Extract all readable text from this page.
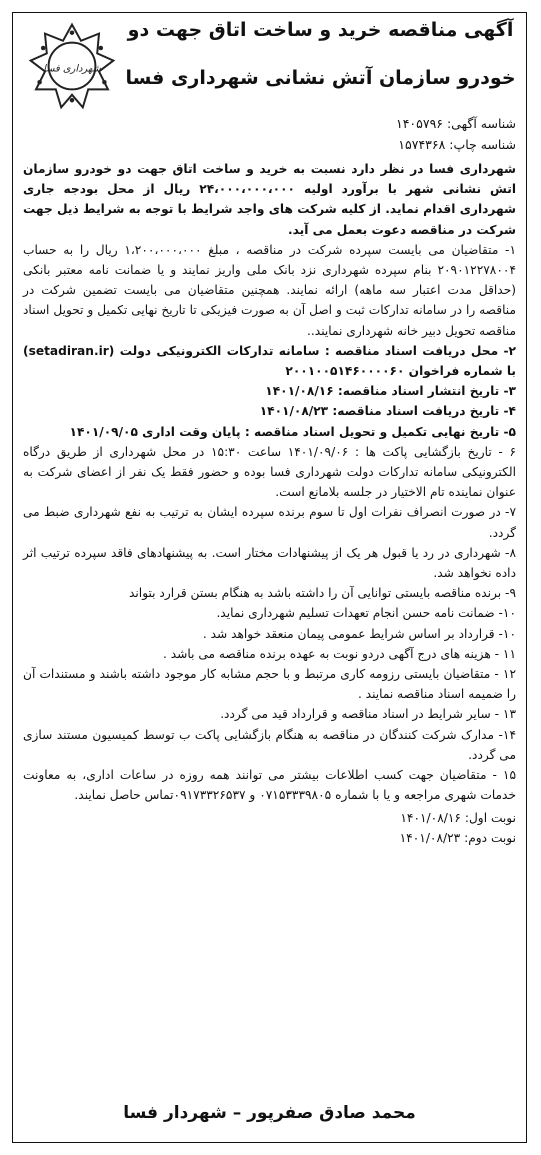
شهرداری فسا
آگهی مناقصه خرید و ساخت اتاق جهت دو
خودرو سازمان آتش نشانی شهرداری فسا
شناسه آگهی: ۱۴۰۵۷۹۶
شناسه چاپ: ۱۵۷۴۳۶۸

شهرداری فسا در نظر دارد نسبت به خرید و ساخت اتاق جهت دو خودرو سازمان اتش نشانی شهر با برآورد اولیه ۲۴،۰۰۰،۰۰۰،۰۰۰ ریال از محل بودجه جاری شهرداری اقدام نماید. از کلیه شرکت های واجد شرایط با توجه به شرایط ذیل جهت شرکت در مناقصه دعوت بعمل می آید.

۱- متقاضیان می بایست سپرده شرکت در مناقصه ، مبلغ ۱،۲۰۰،۰۰۰،۰۰۰ ریال را به حساب ۲۰۹۰۱۲۲۷۸۰۰۴ بنام سپرده شهرداری نزد بانک ملی واریز نمایند و یا ضمانت نامه معتبر بانکی (حداقل مدت اعتبار سه ماهه) ارائه نمایند. همچنین متقاضیان می بایست تضمین شرکت در مناقصه را در سامانه تدارکات ثبت و اصل آن به صورت فیزیکی تا تاریخ نهایی تکمیل و تحویل اسناد مناقصه تحویل دبیر خانه شهرداری نمایند..

۲- محل دریافت اسناد مناقصه : سامانه تدارکات الکترونیکی دولت (setadiran.ir) با شماره فراخوان ۲۰۰۱۰۰۵۱۴۶۰۰۰۰۶۰

۳- تاریخ انتشار اسناد مناقصه: ۱۴۰۱/۰۸/۱۶

۴- تاریخ دریافت اسناد مناقصه: ۱۴۰۱/۰۸/۲۳

۵- تاریخ نهایی تکمیل و تحویل اسناد مناقصه : پایان وقت اداری ۱۴۰۱/۰۹/۰۵

۶ - تاریخ بازگشایی پاکت ها : ۱۴۰۱/۰۹/۰۶ ساعت ۱۵:۳۰ در محل شهرداری از طریق درگاه الکترونیکی سامانه تدارکات دولت شهرداری فسا بوده و حضور فقط یک نفر از اعضای شرکت به عنوان نماینده تام الاختیار در جلسه بلامانع است.

۷- در صورت انصراف نفرات اول تا سوم برنده سپرده ایشان به ترتیب به نفع شهرداری ضبط می گردد.

۸- شهرداری در رد یا قبول هر یک از پیشنهادات مختار است. به پیشنهادهای فاقد سپرده ترتیب اثر داده نخواهد شد.

۹- برنده مناقصه بایستی توانایی آن را داشته باشد به هنگام بستن قرارد بتواند

۱۰- ضمانت نامه حسن انجام تعهدات تسلیم شهرداری نماید.

۱۰- قرارداد بر اساس شرایط عمومی پیمان منعقد خواهد شد .

۱۱ - هزینه های درج آگهی دردو نوبت به عهده برنده مناقصه می باشد .

۱۲ - متقاضیان بایستی رزومه کاری مرتبط و با حجم مشابه کار موجود داشته باشند و مستندات آن را ضمیمه اسناد مناقصه نمایند .

۱۳ - سایر شرایط در اسناد مناقصه و قرارداد قید می گردد.

۱۴- مدارک شرکت کنندگان در مناقصه به هنگام بازگشایی پاکت ب توسط کمیسیون مستند سازی می گردد.

۱۵ - متقاضیان جهت کسب اطلاعات بیشتر می توانند همه روزه در ساعات اداری، به معاونت خدمات شهری مراجعه و یا با شماره ۰۷۱۵۳۳۳۹۸۰۵ و ۰۹۱۷۳۳۲۶۵۳۷تماس حاصل نمایند.

نوبت اول: ۱۴۰۱/۰۸/۱۶
نوبت دوم: ۱۴۰۱/۰۸/۲۳
محمد صادق صفرپور – شهردار فسا
